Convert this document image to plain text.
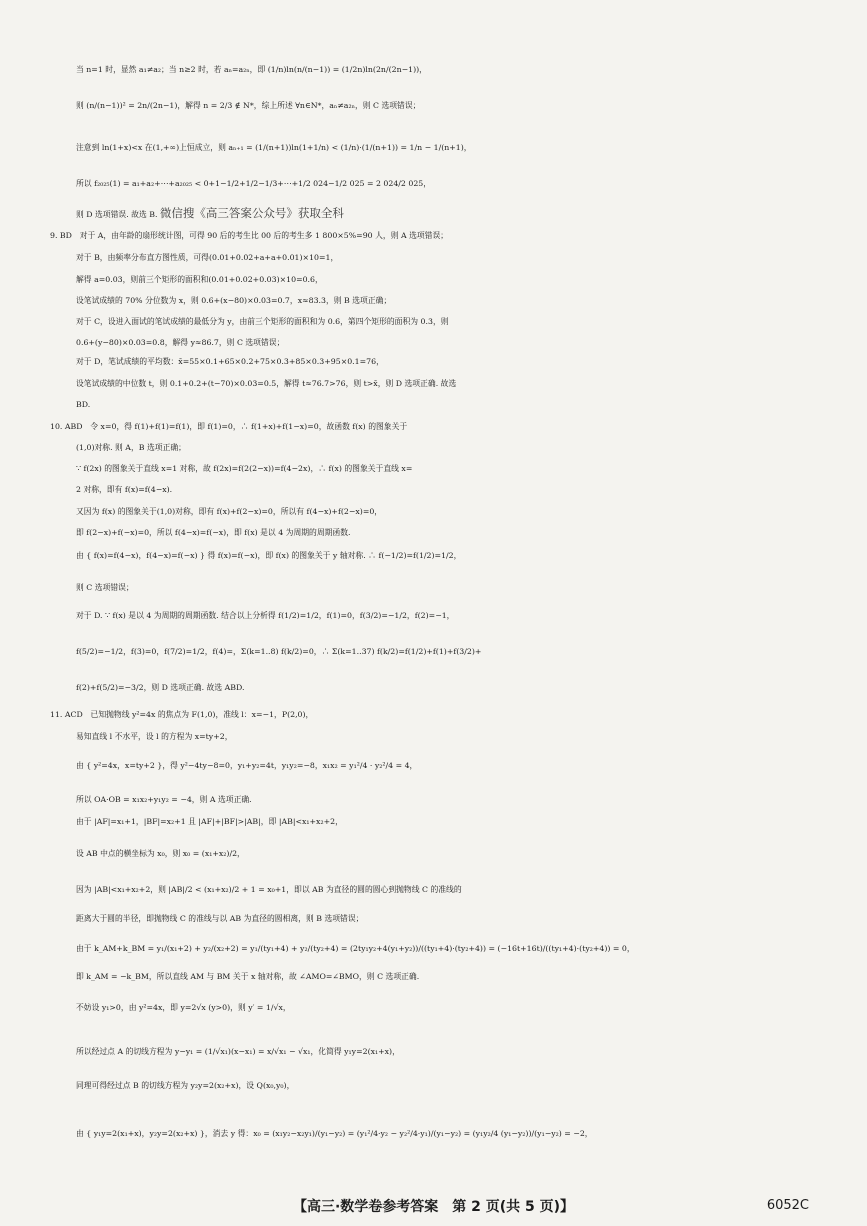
当 n=1 时，显然 a₁≠a₂；当 n≥2 时，若 aₙ=a₂ₙ，即 (1/n)ln(n/(n−1)) = (1/2n)ln(2n/(2n−1))，
则 (n/(n−1))² = 2n/(2n−1)，解得 n = 2/3 ∉ N*，综上所述 ∀n∈N*，aₙ≠a₂ₙ，则 C 选项错误；
注意到 ln(1+x)<x 在(1,+∞)上恒成立，则 aₙ₊₁ = (1/(n+1))ln(1+1/n) < (1/n)·(1/(n+1)) = 1/n − 1/(n+1)，
所以 f₂₀₂₅(1) = a₁+a₂+⋯+a₂₀₂₅ < 0+1−1/2+1/2−1/3+⋯+1/2 024−1/2 025 = 2 024/2 025，
则 D 选项错误. 故选 B. 微信搜《高三答案公众号》获取全科
9. BD　对于 A，由年龄的扇形统计图，可得 90 后的考生比 00 后的考生多 1 800×5%=90 人，则 A 选项错误；
对于 B，由频率分布直方图性质，可得(0.01+0.02+a+a+0.01)×10=1，
解得 a=0.03，则前三个矩形的面积和(0.01+0.02+0.03)×10=0.6，
设笔试成绩的 70% 分位数为 x，则 0.6+(x−80)×0.03=0.7，x≈83.3，则 B 选项正确；
对于 C，设进入面试的笔试成绩的最低分为 y，由前三个矩形的面积和为 0.6，第四个矩形的面积为 0.3，则
0.6+(y−80)×0.03=0.8，解得 y≈86.7，则 C 选项错误；
对于 D，笔试成绩的平均数：x̄=55×0.1+65×0.2+75×0.3+85×0.3+95×0.1=76，
设笔试成绩的中位数 t，则 0.1+0.2+(t−70)×0.03=0.5，解得 t≈76.7>76，则 t>x̄，则 D 选项正确. 故选
BD.
10. ABD　令 x=0，得 f(1)+f(1)=f(1)，即 f(1)=0，∴ f(1+x)+f(1−x)=0，故函数 f(x) 的图象关于
(1,0)对称. 则 A，B 选项正确；
∵ f(2x) 的图象关于直线 x=1 对称，故 f(2x)=f(2(2−x))=f(4−2x)，∴ f(x) 的图象关于直线 x=
2 对称，即有 f(x)=f(4−x).
又因为 f(x) 的图象关于(1,0)对称，即有 f(x)+f(2−x)=0，所以有 f(4−x)+f(2−x)=0，
即 f(2−x)+f(−x)=0，所以 f(4−x)=f(−x)，即 f(x) 是以 4 为周期的周期函数.
由 { f(x)=f(4−x)，f(4−x)=f(−x) } 得 f(x)=f(−x)，即 f(x) 的图象关于 y 轴对称. ∴ f(−1/2)=f(1/2)=1/2，
则 C 选项错误；
对于 D. ∵ f(x) 是以 4 为周期的周期函数. 结合以上分析得 f(1/2)=1/2，f(1)=0，f(3/2)=−1/2，f(2)=−1，
f(5/2)=−1/2，f(3)=0，f(7/2)=1/2，f(4)=，Σ(k=1..8) f(k/2)=0，∴ Σ(k=1..37) f(k/2)=f(1/2)+f(1)+f(3/2)+
f(2)+f(5/2)=−3/2，则 D 选项正确. 故选 ABD.
11. ACD　已知抛物线 y²=4x 的焦点为 F(1,0)，准线 l：x=−1，P(2,0)，
易知直线 l 不水平，设 l 的方程为 x=ty+2，
由 { y²=4x，x=ty+2 }，得 y²−4ty−8=0，y₁+y₂=4t，y₁y₂=−8，x₁x₂ = y₁²/4 · y₂²/4 = 4，
所以 OA·OB = x₁x₂+y₁y₂ = −4，则 A 选项正确.
由于 |AF|=x₁+1，|BF|=x₂+1 且 |AF|+|BF|>|AB|，即 |AB|<x₁+x₂+2，
设 AB 中点的横坐标为 x₀，则 x₀ = (x₁+x₂)/2，
因为 |AB|<x₁+x₂+2，则 |AB|/2 < (x₁+x₂)/2 + 1 = x₀+1，即以 AB 为直径的圆的圆心到抛物线 C 的准线的
距离大于圆的半径，即抛物线 C 的准线与以 AB 为直径的圆相离，则 B 选项错误；
由于 k_AM+k_BM = y₁/(x₁+2) + y₂/(x₂+2) = y₁/(ty₁+4) + y₂/(ty₂+4) = (2ty₁y₂+4(y₁+y₂))/((ty₁+4)·(ty₂+4)) = (−16t+16t)/((ty₁+4)·(ty₂+4)) = 0，
即 k_AM = −k_BM，所以直线 AM 与 BM 关于 x 轴对称，故 ∠AMO=∠BMO，则 C 选项正确.
不妨设 y₁>0，由 y²=4x，即 y=2√x (y>0)，则 y′ = 1/√x，
所以经过点 A 的切线方程为 y−y₁ = (1/√x₁)(x−x₁) = x/√x₁ − √x₁，化简得 y₁y=2(x₁+x)，
同理可得经过点 B 的切线方程为 y₂y=2(x₂+x)，设 Q(x₀,y₀)，
由 { y₁y=2(x₁+x)，y₂y=2(x₂+x) }，消去 y 得：x₀ = (x₁y₂−x₂y₁)/(y₁−y₂) = (y₁²/4·y₂ − y₂²/4·y₁)/(y₁−y₂) = (y₁y₂/4 (y₁−y₂))/(y₁−y₂) = −2，
【高三·数学卷参考答案　第 2 页(共 5 页)】	6052C
